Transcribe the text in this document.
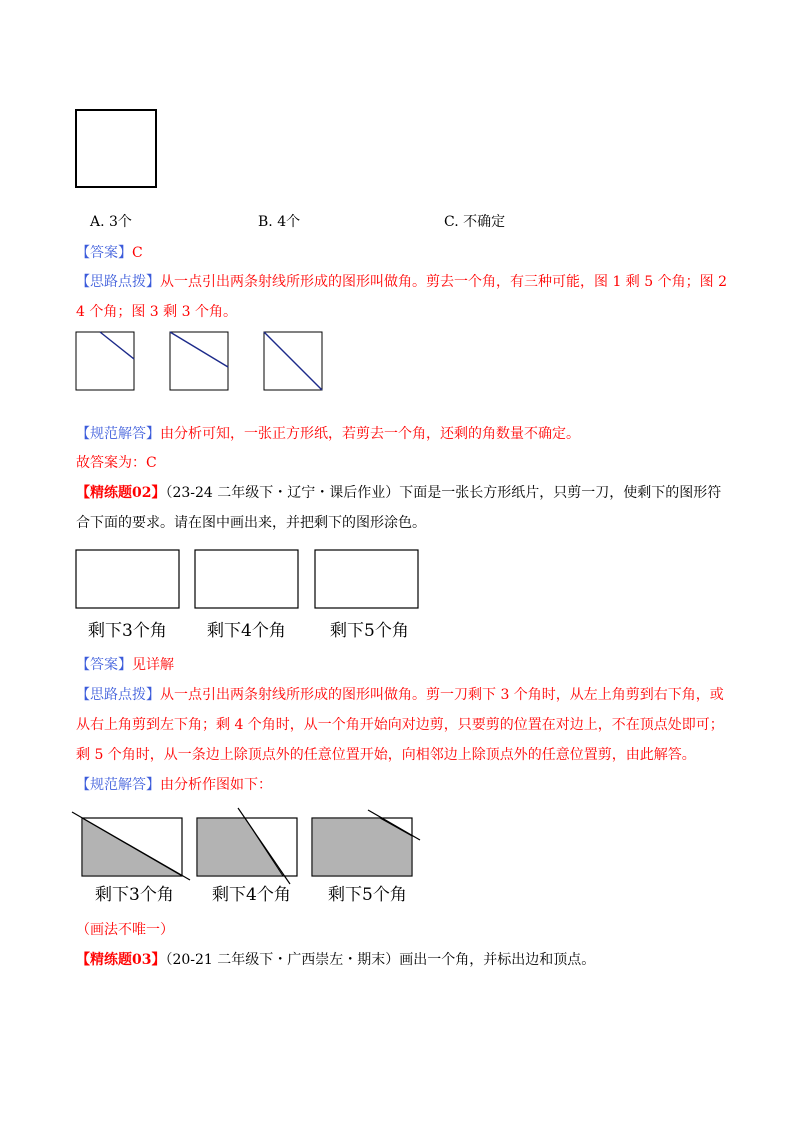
A. 3个	B. 4个	C. 不确定
【答案】C
【思路点拨】从一点引出两条射线所形成的图形叫做角。剪去一个角，有三种可能，图 1 剩 5 个角；图 2
4 个角；图 3 剩 3 个角。
【规范解答】由分析可知，一张正方形纸，若剪去一个角，还剩的角数量不确定。
故答案为：C
【精练题02】（23-24 二年级下・辽宁・课后作业）下面是一张长方形纸片，只剪一刀，使剩下的图形符
合下面的要求。请在图中画出来，并把剩下的图形涂色。
剩下3个角 剩下4个角	剩下5个角
【答案】见详解
【思路点拨】从一点引出两条射线所形成的图形叫做角。剪一刀剩下 3 个角时，从左上角剪到右下角，或
从右上角剪到左下角；剩 4 个角时，从一个角开始向对边剪，只要剪的位置在对边上，不在顶点处即可；
剩 5 个角时，从一条边上除顶点外的任意位置开始，向相邻边上除顶点外的任意位置剪，由此解答。
【规范解答】由分析作图如下：
剩下3个角 剩下4个角 剩下5个角
（画法不唯一）
【精练题03】（20-21 二年级下・广西崇左・期末）画出一个角，并标出边和顶点。
